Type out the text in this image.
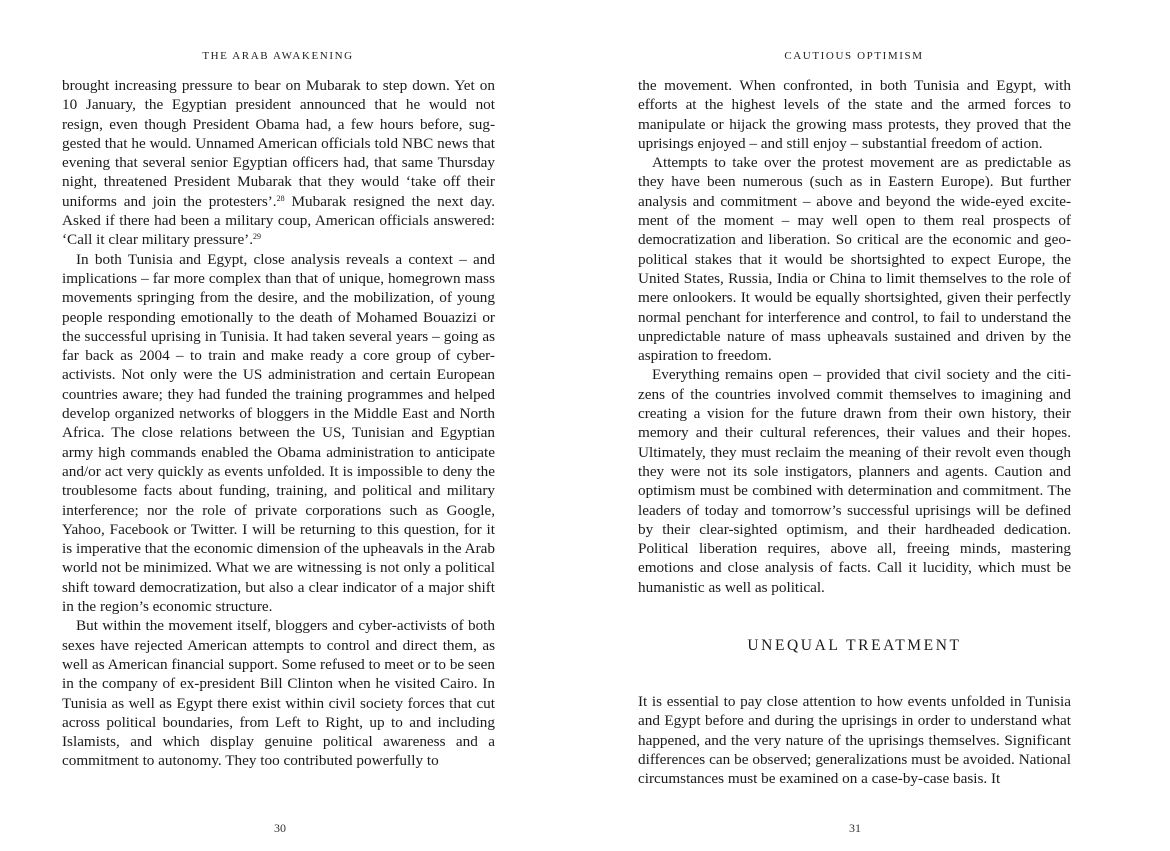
THE ARAB AWAKENING

brought increasing pressure to bear on Mubarak to step down. Yet on 10 January, the Egyptian president announced that he would not resign, even though President Obama had, a few hours before, suggested that he would. Unnamed American officials told NBC news that evening that several senior Egyptian officers had, that same Thursday night, threatened President Mubarak that they would ‘take off their uniforms and join the protesters’.$^{28}$ Mubarak resigned the next day. Asked if there had been a military coup, American officials answered: ‘Call it clear military pressure’.$^{29}$

In both Tunisia and Egypt, close analysis reveals a context – and implications – far more complex than that of unique, homegrown mass movements springing from the desire, and the mobilization, of young people responding emotionally to the death of Mohamed Bouazizi or the successful uprising in Tunisia. It had taken several years – going as far back as 2004 – to train and make ready a core group of cyber-activists. Not only were the US administration and certain European countries aware; they had funded the training programmes and helped develop organized networks of bloggers in the Middle East and North Africa. The close relations between the US, Tunisian and Egyptian army high commands enabled the Obama administration to anticipate and/or act very quickly as events unfolded. It is impossible to deny the troublesome facts about funding, training, and political and military interference; nor the role of private corporations such as Google, Yahoo, Facebook or Twitter. I will be returning to this question, for it is imperative that the economic dimension of the upheavals in the Arab world not be minimized. What we are witnessing is not only a political shift toward democratization, but also a clear indicator of a major shift in the region’s economic structure.

But within the movement itself, bloggers and cyber-activists of both sexes have rejected American attempts to control and direct them, as well as American financial support. Some refused to meet or to be seen in the company of ex-president Bill Clinton when he visited Cairo. In Tunisia as well as Egypt there exist within civil society forces that cut across political boundaries, from Left to Right, up to and including Islamists, and which display genuine political awareness and a commitment to autonomy. They too contributed powerfully to

30
CAUTIOUS OPTIMISM

the movement. When confronted, in both Tunisia and Egypt, with efforts at the highest levels of the state and the armed forces to manipulate or hijack the growing mass protests, they proved that the uprisings enjoyed – and still enjoy – substantial freedom of action.

Attempts to take over the protest movement are as predictable as they have been numerous (such as in Eastern Europe). But further analysis and commitment – above and beyond the wide-eyed excitement of the moment – may well open to them real prospects of democratization and liberation. So critical are the economic and geopolitical stakes that it would be shortsighted to expect Europe, the United States, Russia, India or China to limit themselves to the role of mere onlookers. It would be equally shortsighted, given their perfectly normal penchant for interference and control, to fail to understand the unpredictable nature of mass upheavals sustained and driven by the aspiration to freedom.

Everything remains open – provided that civil society and the citizens of the countries involved commit themselves to imagining and creating a vision for the future drawn from their own history, their memory and their cultural references, their values and their hopes. Ultimately, they must reclaim the meaning of their revolt even though they were not its sole instigators, planners and agents. Caution and optimism must be combined with determination and commitment. The leaders of today and tomorrow’s successful uprisings will be defined by their clear-sighted optimism, and their hardheaded dedication. Political liberation requires, above all, freeing minds, mastering emotions and close analysis of facts. Call it lucidity, which must be humanistic as well as political.

UNEQUAL TREATMENT

It is essential to pay close attention to how events unfolded in Tunisia and Egypt before and during the uprisings in order to understand what happened, and the very nature of the uprisings themselves. Significant differences can be observed; generalizations must be avoided. National circumstances must be examined on a case-by-case basis. It

31
